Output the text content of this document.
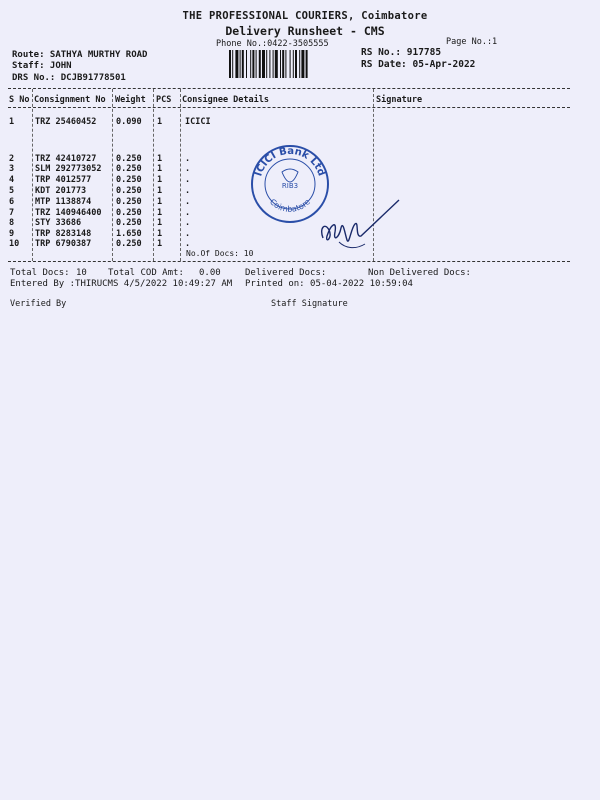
THE PROFESSIONAL COURIERS, Coimbatore
Delivery Runsheet - CMS
Phone No.:0422-3505555	Page No.:1
Route: SATHYA MURTHY ROAD
Staff: JOHN
DRS No.: DCJB91778501
RS No.: 917785
RS Date: 05-Apr-2022
S No Consignment No Weight PCS Consignee Details	Signature
1 TRZ 25460452 0.090 1	ICICI
2 TRZ 42410727 0.250 1	.
3 SLM 292773052 0.250 1	.
4 TRP 4012577	0.250 1	.
5 KDT 201773	0.250 1	.
6 MTP 1138874	0.250 1	.
7 TRZ 140946400 0.250 1	.
8 STY 33686	0.250 1	.
9 TRP 8283148	1.650 1	.
10 TRP 6790387	0.250 1	.
No.Of Docs: 10
ICICI Bank Ltd
RIB3
Coimbatore
Total Docs: 10 Total COD Amt: 0.00	Delivered Docs:	Non Delivered Docs:
Entered By :THIRUCMS 4/5/2022 10:49:27 AM Printed on: 05-04-2022 10:59:04
Verified By	Staff Signature
